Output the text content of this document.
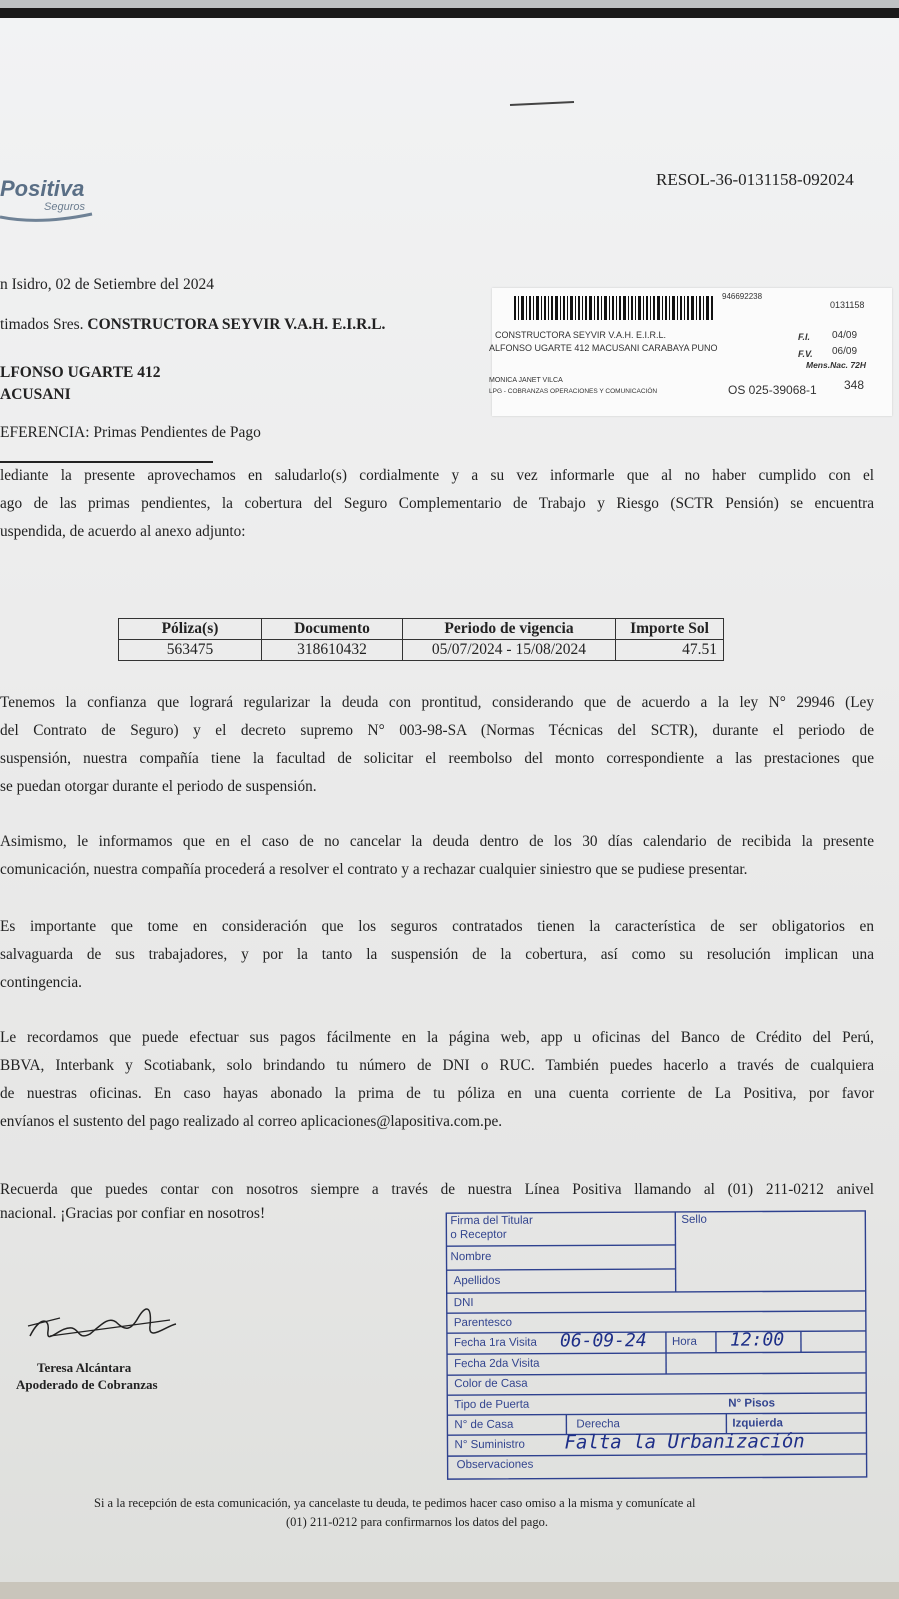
Positiva
Seguros
RESOL-36-0131158-092024
n Isidro, 02 de Setiembre del 2024
timados Sres. CONSTRUCTORA SEYVIR V.A.H. E.I.R.L.
LFONSO UGARTE 412
ACUSANI
EFERENCIA: Primas Pendientes de Pago
946692238
0131158
CONSTRUCTORA SEYVIR V.A.H. E.I.R.L.
ALFONSO UGARTE 412 MACUSANI CARABAYA PUNO
F.I. 04/09
F.V. 06/09
Mens.Nac. 72H
MONICA JANET VILCA
LPG - COBRANZAS OPERACIONES Y COMUNICACIÓN	OS 025-39068-1 348
lediante la presente aprovechamos en saludarlo(s) cordialmente y a su vez informarle que al no haber cumplido con el
ago de las primas pendientes, la cobertura del Seguro Complementario de Trabajo y Riesgo (SCTR Pensión) se encuentra
uspendida, de acuerdo al anexo adjunto:
Póliza(s)	Documento	Periodo de vigencia	Importe Sol
563475	318610432	05/07/2024 - 15/08/2024	47.51
Tenemos la confianza que logrará regularizar la deuda con prontitud, considerando que de acuerdo a la ley N° 29946 (Ley
del Contrato de Seguro) y el decreto supremo N° 003-98-SA (Normas Técnicas del SCTR), durante el periodo de
suspensión, nuestra compañía tiene la facultad de solicitar el reembolso del monto correspondiente a las prestaciones que
se puedan otorgar durante el periodo de suspensión.
Asimismo, le informamos que en el caso de no cancelar la deuda dentro de los 30 días calendario de recibida la presente
comunicación, nuestra compañía procederá a resolver el contrato y a rechazar cualquier siniestro que se pudiese presentar.
Es importante que tome en consideración que los seguros contratados tienen la característica de ser obligatorios en
salvaguarda de sus trabajadores, y por la tanto la suspensión de la cobertura, así como su resolución implican una
contingencia.
Le recordamos que puede efectuar sus pagos fácilmente en la página web, app u oficinas del Banco de Crédito del Perú,
BBVA, Interbank y Scotiabank, solo brindando tu número de DNI o RUC. También puedes hacerlo a través de cualquiera
de nuestras oficinas. En caso hayas abonado la prima de tu póliza en una cuenta corriente de La Positiva, por favor
envíanos el sustento del pago realizado al correo aplicaciones@lapositiva.com.pe.
Recuerda que puedes contar con nosotros siempre a través de nuestra Línea Positiva llamando al (01) 211-0212 anivel
nacional. ¡Gracias por confiar en nosotros!
Teresa Alcántara
Apoderado de Cobranzas
Firma del Titular
o Receptor
Sello
Nombre
Apellidos
DNI
Parentesco
Fecha 1ra Visita 06-09-24 Hora 12:00
Fecha 2da Visita
Color de Casa
Tipo de Puerta	N° Pisos
N° de Casa	Derecha	Izquierda
N° Suministro Falta la Urbanización
Observaciones
Si a la recepción de esta comunicación, ya cancelaste tu deuda, te pedimos hacer caso omiso a la misma y comunícate al
(01) 211-0212 para confirmarnos los datos del pago.
